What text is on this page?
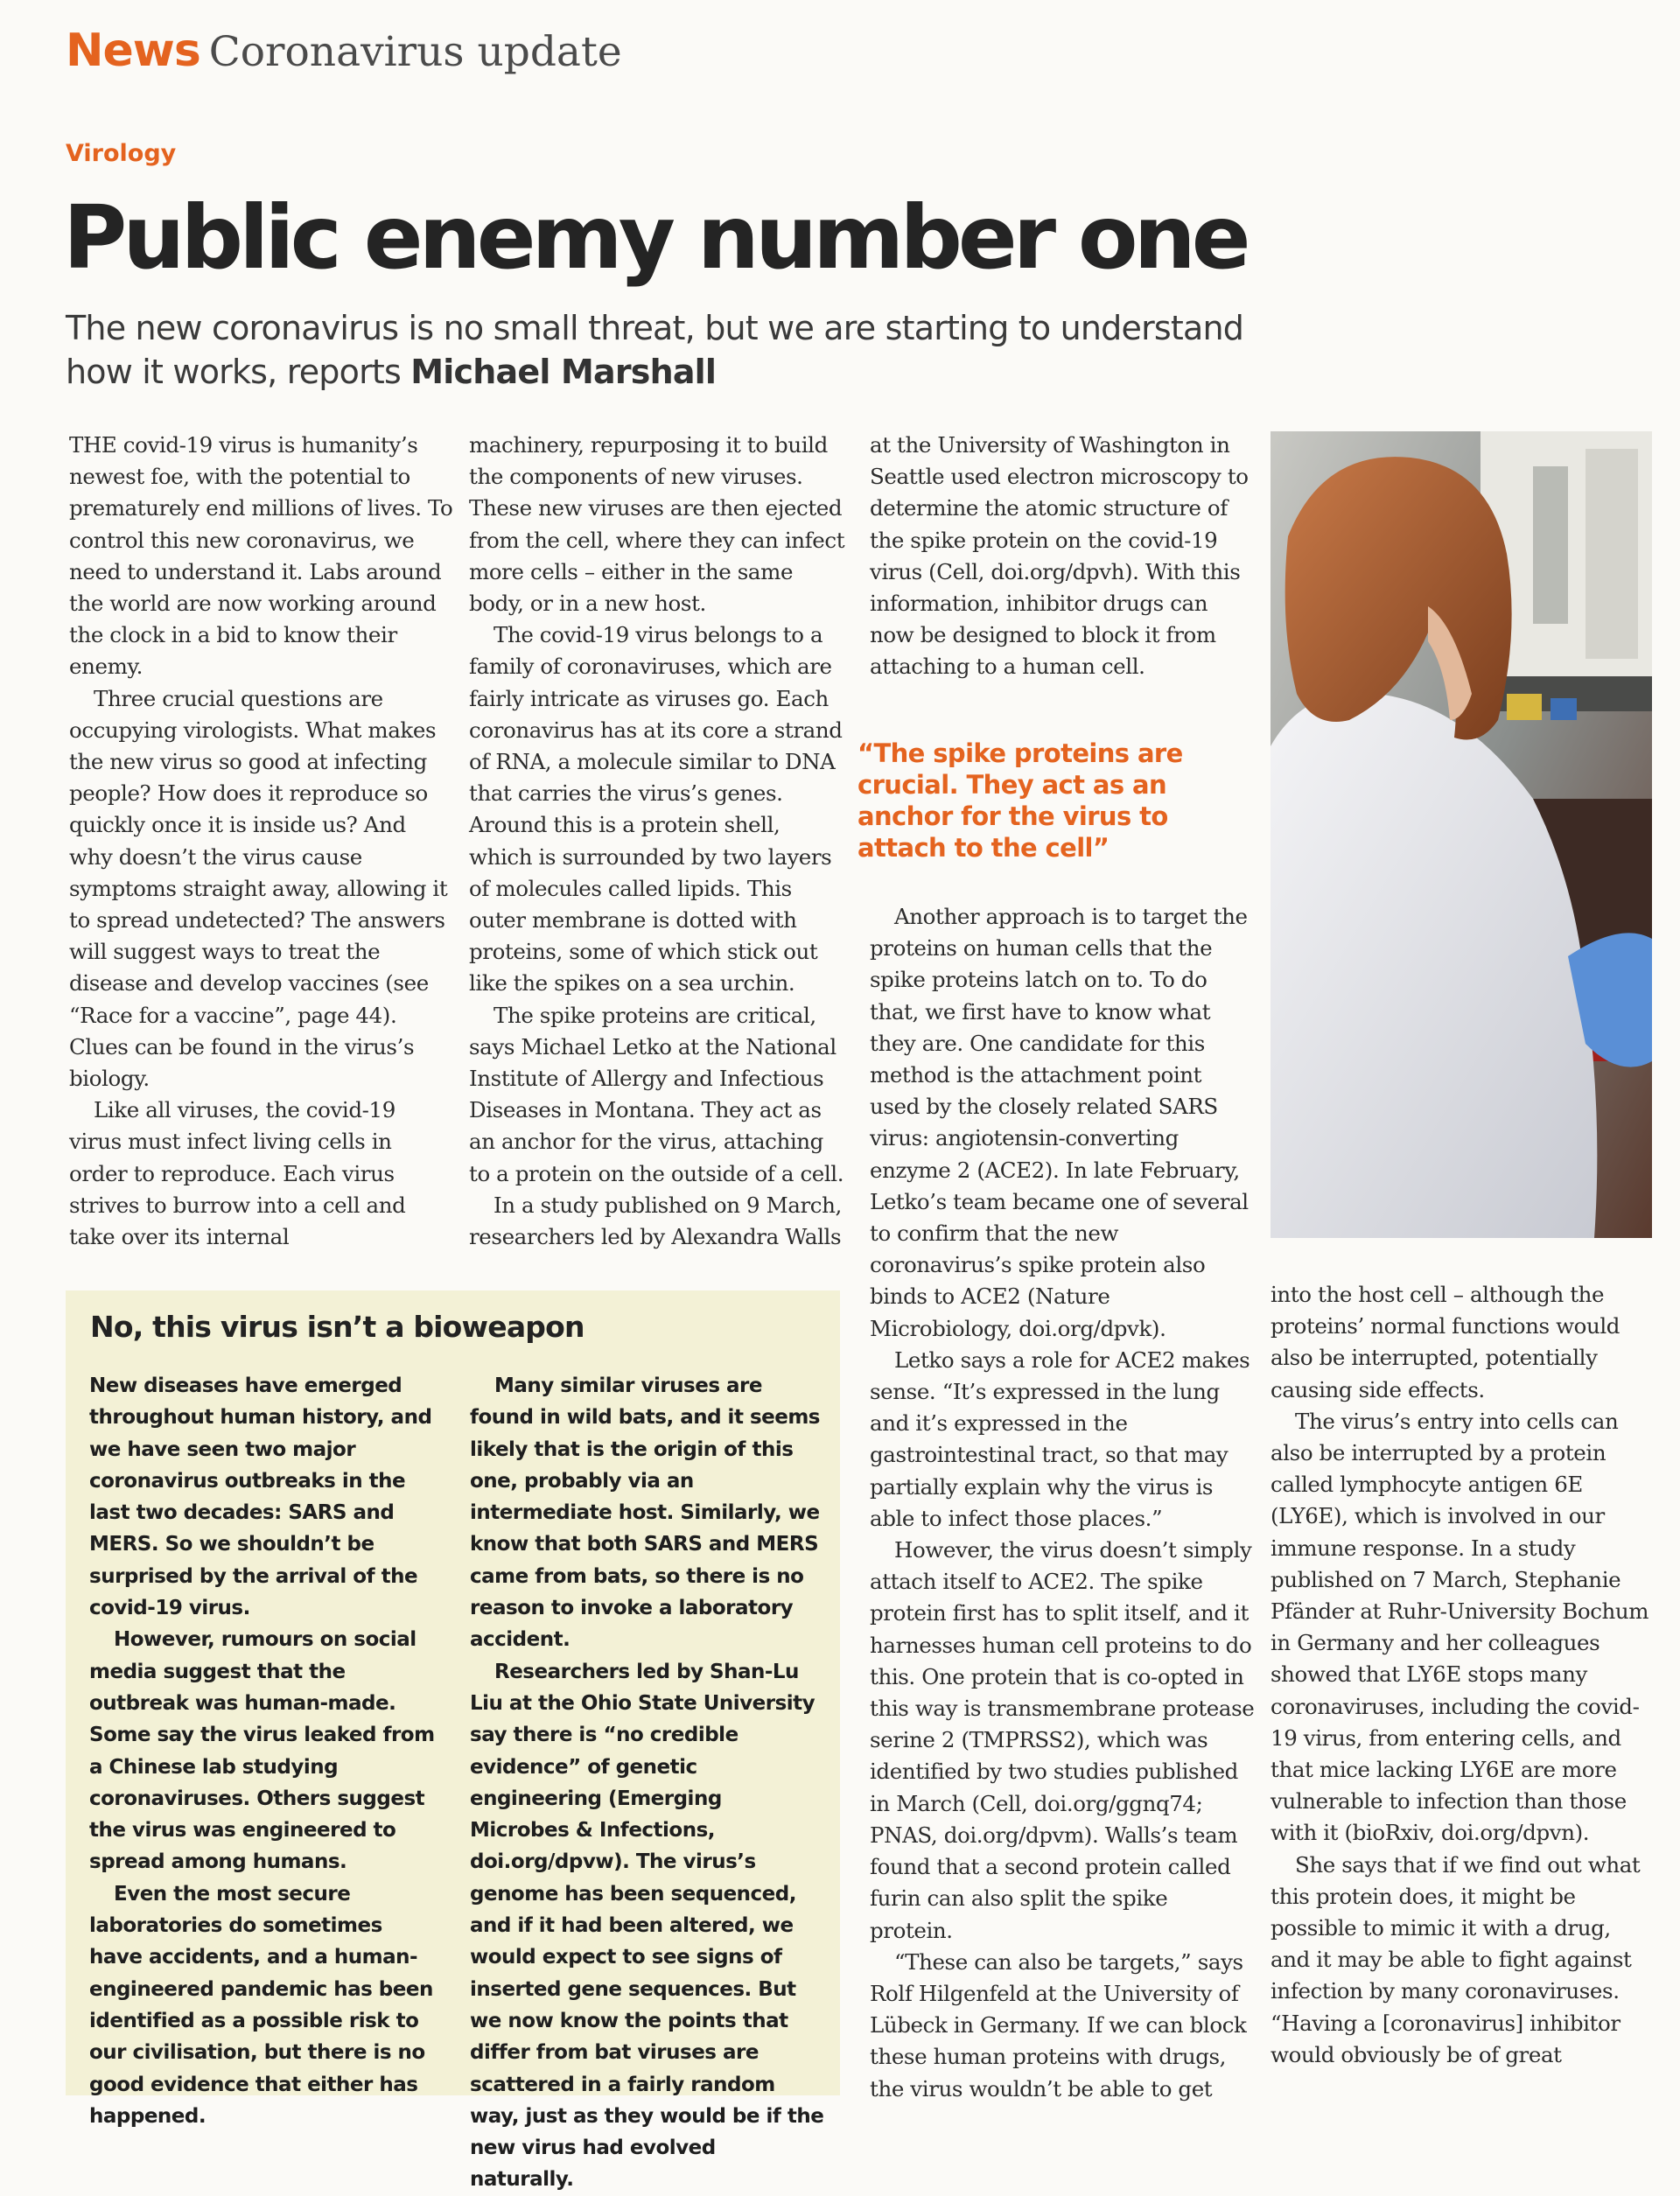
News Coronavirus update
Virology
Public enemy number one
The new coronavirus is no small threat, but we are starting to understand how it works, reports Michael Marshall

THE covid-19 virus is humanity’s newest foe, with the potential to prematurely end millions of lives. To control this new coronavirus, we need to understand it. Labs around the world are now working around the clock in a bid to know their enemy.

Three crucial questions are occupying virologists. What makes the new virus so good at infecting people? How does it reproduce so quickly once it is inside us? And why doesn’t the virus cause symptoms straight away, allowing it to spread undetected? The answers will suggest ways to treat the disease and develop vaccines (see “Race for a vaccine”, page 44). Clues can be found in the virus’s biology.

Like all viruses, the covid-19 virus must infect living cells in order to reproduce. Each virus strives to burrow into a cell and take over its internal

machinery, repurposing it to build the components of new viruses. These new viruses are then ejected from the cell, where they can infect more cells – either in the same body, or in a new host.

The covid-19 virus belongs to a family of coronaviruses, which are fairly intricate as viruses go. Each coronavirus has at its core a strand of RNA, a molecule similar to DNA that carries the virus’s genes. Around this is a protein shell, which is surrounded by two layers of molecules called lipids. This outer membrane is dotted with proteins, some of which stick out like the spikes on a sea urchin.

The spike proteins are critical, says Michael Letko at the National Institute of Allergy and Infectious Diseases in Montana. They act as an anchor for the virus, attaching to a protein on the outside of a cell.

In a study published on 9 March, researchers led by Alexandra Walls

at the University of Washington in Seattle used electron microscopy to determine the atomic structure of the spike protein on the covid-19 virus (Cell, doi.org/dpvh). With this information, inhibitor drugs can now be designed to block it from attaching to a human cell.

“The spike proteins are crucial. They act as an anchor for the virus to attach to the cell”

Another approach is to target the proteins on human cells that the spike proteins latch on to. To do that, we first have to know what they are. One candidate for this method is the attachment point used by the closely related SARS virus: angiotensin-converting enzyme 2 (ACE2). In late February, Letko’s team became one of several to confirm that the new coronavirus’s spike protein also binds to ACE2 (Nature Microbiology, doi.org/dpvk).

Letko says a role for ACE2 makes sense. “It’s expressed in the lung and it’s expressed in the gastrointestinal tract, so that may partially explain why the virus is able to infect those places.”

However, the virus doesn’t simply attach itself to ACE2. The spike protein first has to split itself, and it harnesses human cell proteins to do this. One protein that is co-opted in this way is transmembrane protease serine 2 (TMPRSS2), which was identified by two studies published in March (Cell, doi.org/ggnq74; PNAS, doi.org/dpvm). Walls’s team found that a second protein called furin can also split the spike protein.

“These can also be targets,” says Rolf Hilgenfeld at the University of Lübeck in Germany. If we can block these human proteins with drugs, the virus wouldn’t be able to get

into the host cell – although the proteins’ normal functions would also be interrupted, potentially causing side effects.

The virus’s entry into cells can also be interrupted by a protein called lymphocyte antigen 6E (LY6E), which is involved in our immune response. In a study published on 7 March, Stephanie Pfänder at Ruhr-University Bochum in Germany and her colleagues showed that LY6E stops many coronaviruses, including the covid-19 virus, from entering cells, and that mice lacking LY6E are more vulnerable to infection than those with it (bioRxiv, doi.org/dpvn).

She says that if we find out what this protein does, it might be possible to mimic it with a drug, and it may be able to fight against infection by many coronaviruses. “Having a [coronavirus] inhibitor would obviously be of great

No, this virus isn’t a bioweapon

New diseases have emerged throughout human history, and we have seen two major coronavirus outbreaks in the last two decades: SARS and MERS. So we shouldn’t be surprised by the arrival of the covid-19 virus.

However, rumours on social media suggest that the outbreak was human-made. Some say the virus leaked from a Chinese lab studying coronaviruses. Others suggest the virus was engineered to spread among humans.

Even the most secure laboratories do sometimes have accidents, and a human-engineered pandemic has been identified as a possible risk to our civilisation, but there is no good evidence that either has happened.

Many similar viruses are found in wild bats, and it seems likely that is the origin of this one, probably via an intermediate host. Similarly, we know that both SARS and MERS came from bats, so there is no reason to invoke a laboratory accident.

Researchers led by Shan-Lu Liu at the Ohio State University say there is “no credible evidence” of genetic engineering (Emerging Microbes & Infections, doi.org/dpvw). The virus’s genome has been sequenced, and if it had been altered, we would expect to see signs of inserted gene sequences. But we now know the points that differ from bat viruses are scattered in a fairly random way, just as they would be if the new virus had evolved naturally.
